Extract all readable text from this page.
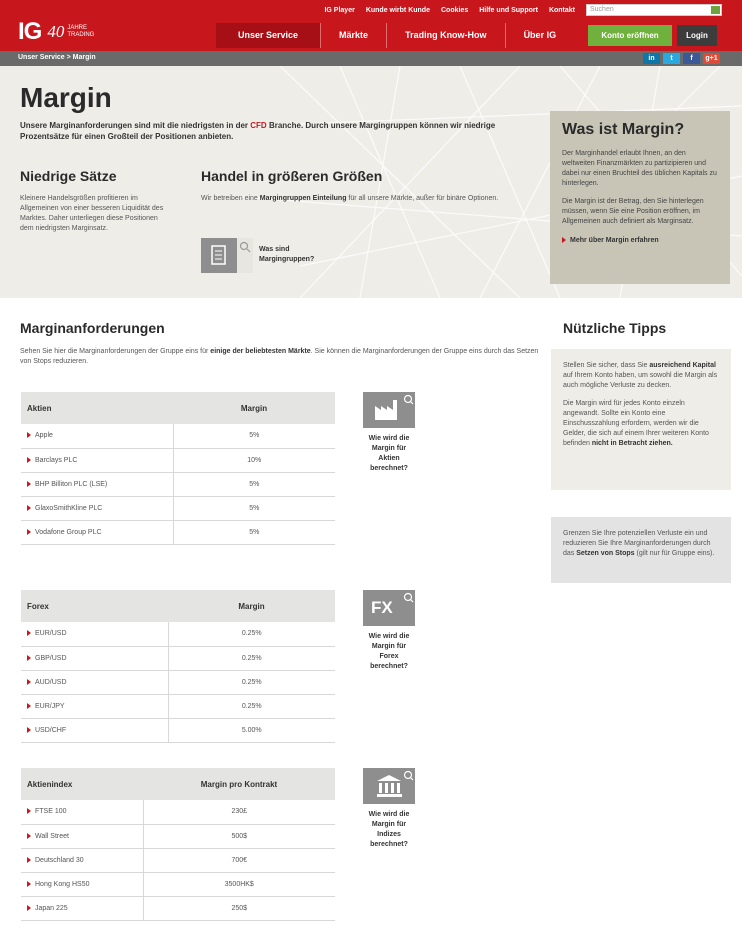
IG 40 JAHRE TRADING
IG Player Kunde wirbt Kunde Cookies Hilfe und Support Kontakt	Suchen
Unser Service	Märkte	Trading Know-How	Über IG	Konto eröffnen	Login
Unser Service > Margin	in	t	f	g+1
Margin
Unsere Marginanforderungen sind mit die niedrigsten in der CFD Branche. Durch unsere Margingruppen können wir niedrige Prozentsätze für einen Großteil der Positionen anbieten.
Niedrige Sätze
Kleinere Handelsgrößen profitieren im Allgemeinen von einer besseren Liquidität des Marktes. Daher unterliegen diese Positionen dem niedrigsten Marginsatz.
Handel in größeren Größen
Wir betreiben eine Margingruppen Einteilung für all unsere Märkte, außer für binäre Optionen.
Was sind Margingruppen?
Was ist Margin?

Der Marginhandel erlaubt Ihnen, an den weltweiten Finanzmärkten zu partizipieren und dabei nur einen Bruchteil des üblichen Kapitals zu hinterlegen.

Die Margin ist der Betrag, den Sie hinterlegen müssen, wenn Sie eine Position eröffnen, im Allgemeinen auch definiert als Marginsatz.

Mehr über Margin erfahren
Marginanforderungen
Sehen Sie hier die Marginanforderungen der Gruppe eins für einige der beliebtesten Märkte. Sie können die Marginanforderungen der Gruppe eins durch das Setzen von Stops reduzieren.
Aktien	Margin
Apple	5%
Barclays PLC	10%
BHP Billiton PLC (LSE)	5%
GlaxoSmithKline PLC	5%
Vodafone Group PLC	5%
Wie wird die Margin für Aktien berechnet?
Forex	Margin
EUR/USD	0.25%
GBP/USD	0.25%
AUD/USD	0.25%
EUR/JPY	0.25%
USD/CHF	5.00%
FX
Wie wird die Margin für Forex berechnet?
Aktienindex	Margin pro Kontrakt
FTSE 100	230£
Wall Street	500$
Deutschland 30	700€
Hong Kong HS50	3500HK$
Japan 225	250$
Wie wird die Margin für Indizes berechnet?
Nützliche Tipps

Stellen Sie sicher, dass Sie ausreichend Kapital auf Ihrem Konto haben, um sowohl die Margin als auch mögliche Verluste zu decken.

Die Margin wird für jedes Konto einzeln angewandt. Sollte ein Konto eine Einschusszahlung erfordern, werden wir die Gelder, die sich auf einem Ihrer weiteren Konto befinden nicht in Betracht ziehen.

Grenzen Sie Ihre potenziellen Verluste ein und reduzieren Sie Ihre Marginanforderungen durch das Setzen von Stops (gilt nur für Gruppe eins).
